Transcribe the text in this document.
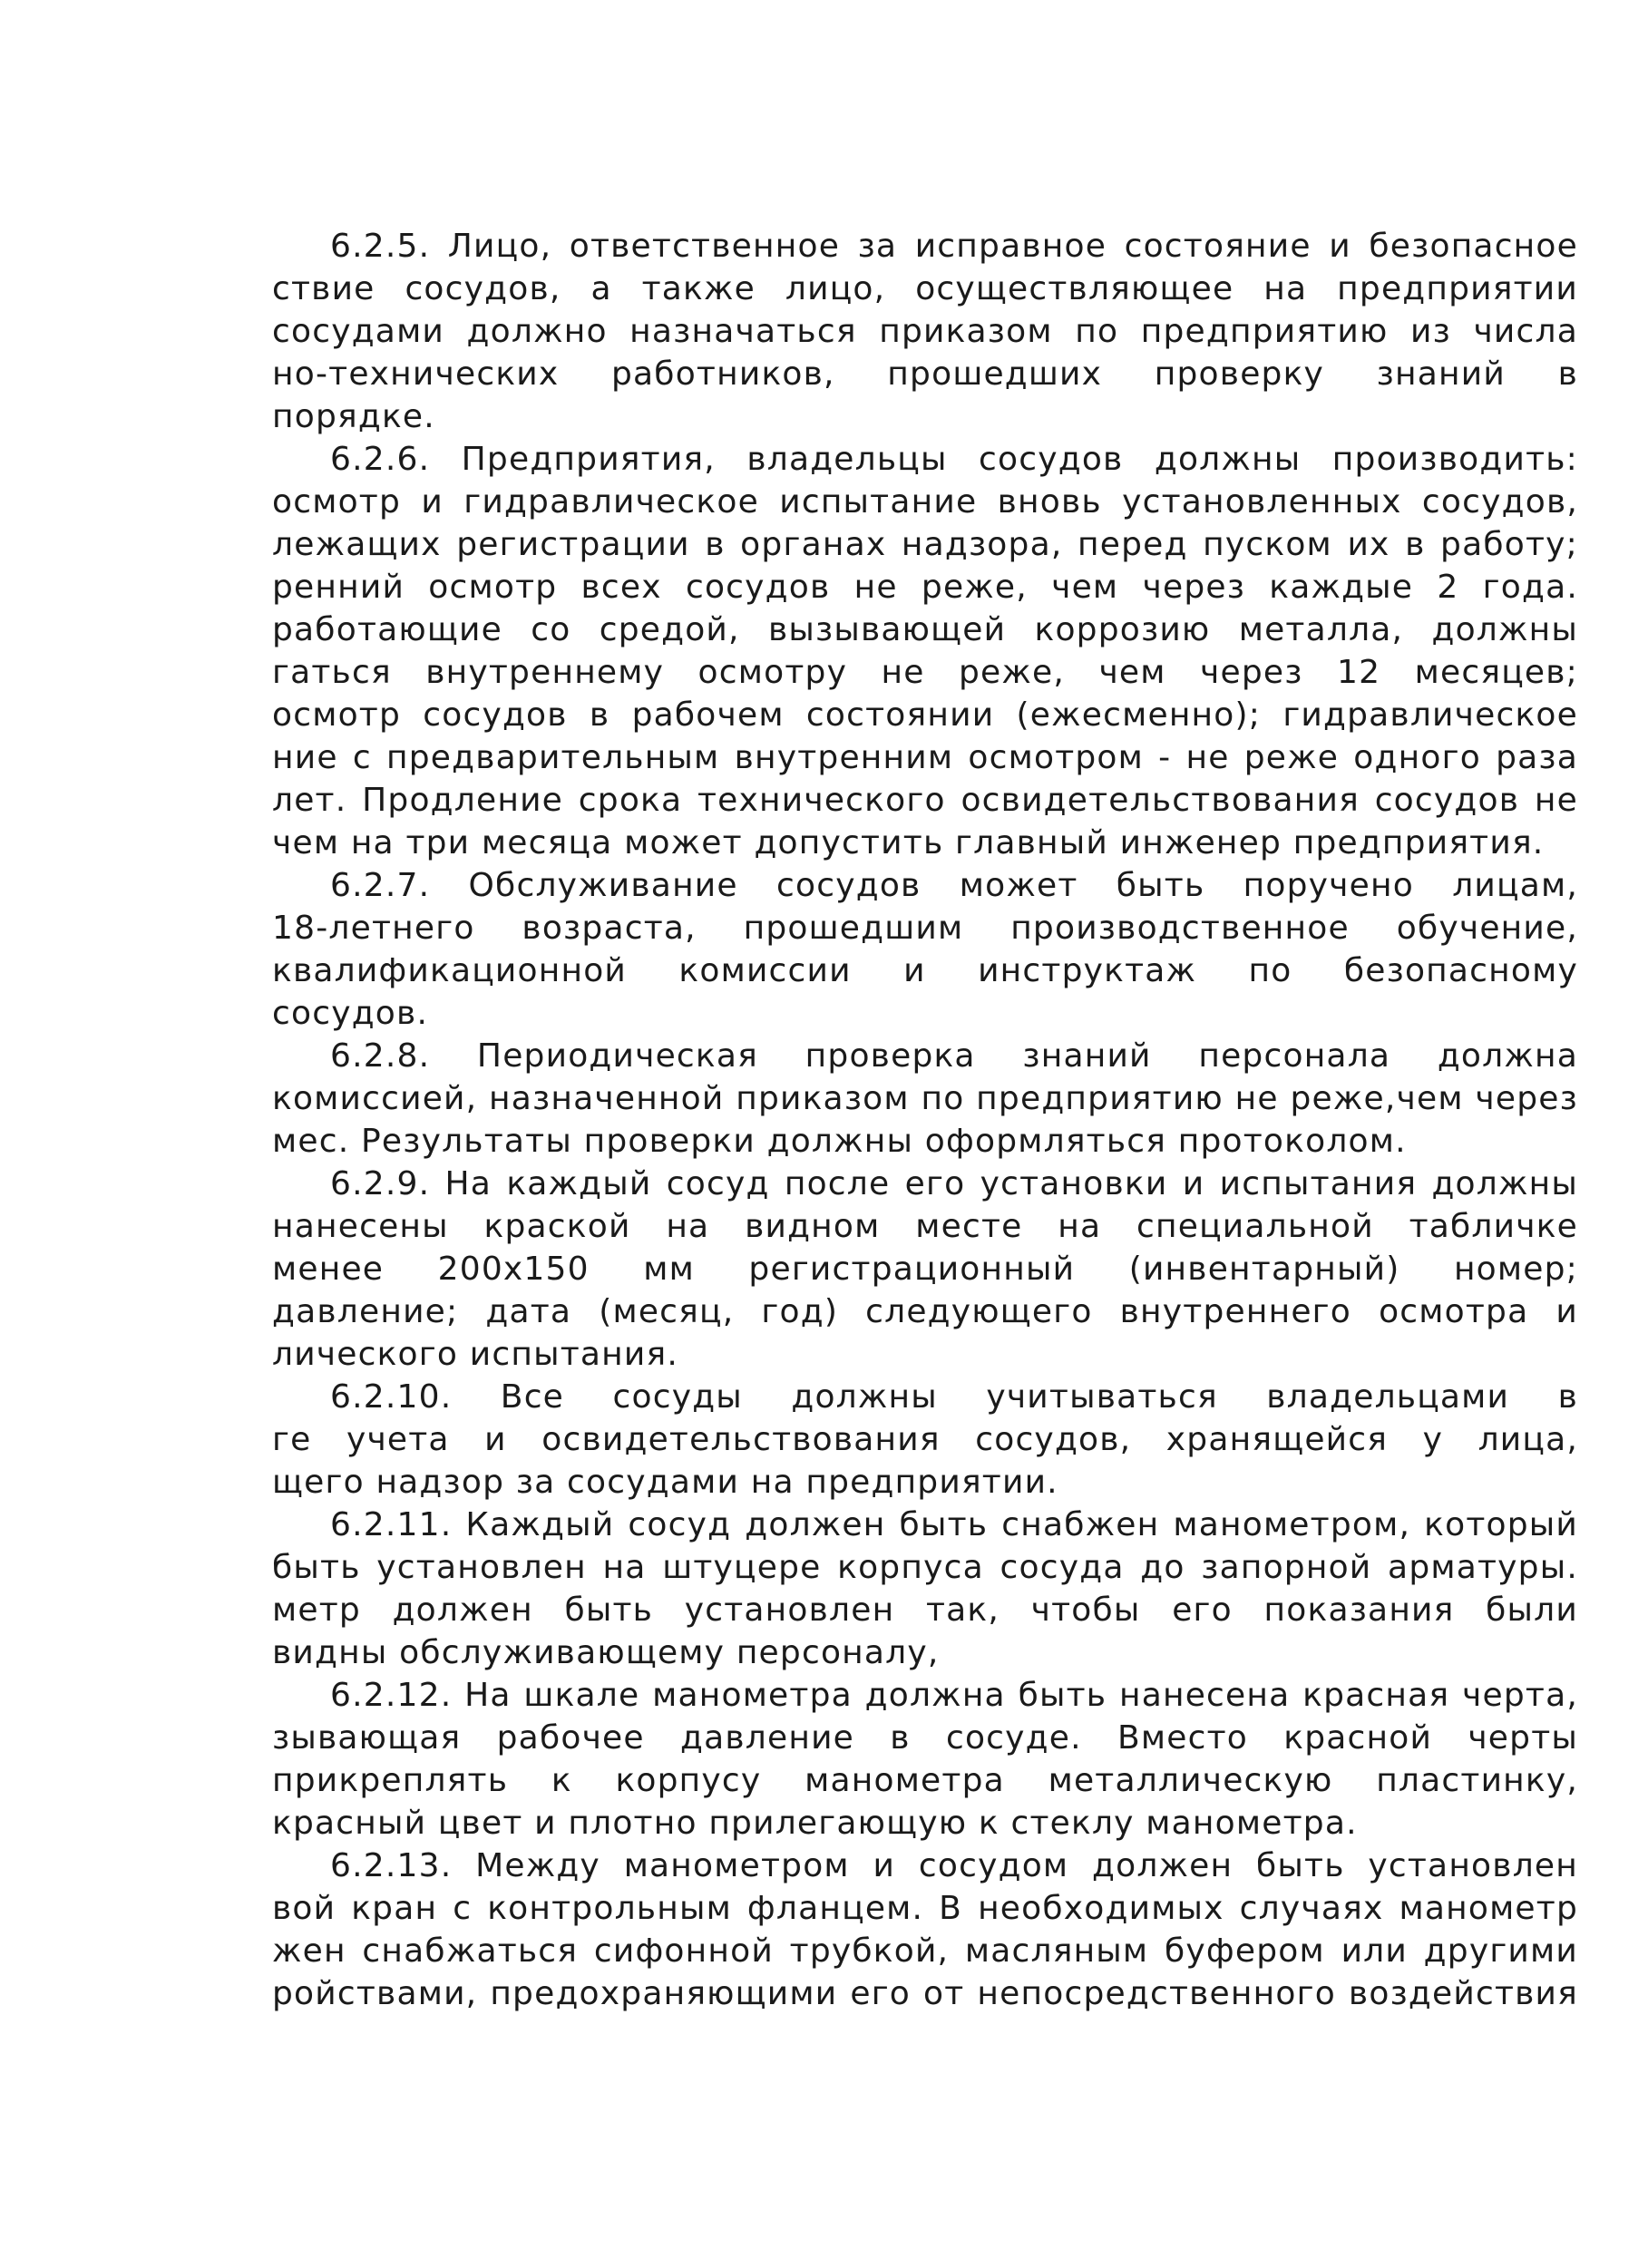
6.2.5. Лицо, ответственное за исправное состояние и безопасное
ствие сосудов, а также лицо, осуществляющее на предприятии
сосудами должно назначаться приказом по предприятию из числа
но-технических работников, прошедших проверку знаний в
порядке.
6.2.6. Предприятия, владельцы сосудов должны производить:
осмотр и гидравлическое испытание вновь установленных сосудов,
лежащих регистрации в органах надзора, перед пуском их в работу;
ренний осмотр всех сосудов не реже, чем через каждые 2 года.
работающие со средой, вызывающей коррозию металла, должны
гаться внутреннему осмотру не реже, чем через 12 месяцев;
осмотр сосудов в рабочем состоянии (ежесменно); гидравлическое
ние с предварительным внутренним осмотром - не реже одного раза
лет. Продление срока технического освидетельствования сосудов не
чем на три месяца может допустить главный инженер предприятия.
6.2.7. Обслуживание сосудов может быть поручено лицам,
18-летнего возраста, прошедшим производственное обучение,
квалификационной комиссии и инструктаж по безопасному
сосудов.
6.2.8. Периодическая проверка знаний персонала должна
комиссией, назначенной приказом по предприятию не реже,чем через
мес. Результаты проверки должны оформляться протоколом.
6.2.9. На каждый сосуд после его установки и испытания должны
нанесены краской на видном месте на специальной табличке
менее 200х150 мм регистрационный (инвентарный) номер;
давление; дата (месяц, год) следующего внутреннего осмотра и
лического испытания.
6.2.10. Все сосуды должны учитываться владельцами в
ге учета и освидетельствования сосудов, хранящейся у лица,
щего надзор за сосудами на предприятии.
6.2.11. Каждый сосуд должен быть снабжен манометром, который
быть установлен на штуцере корпуса сосуда до запорной арматуры.
метр должен быть установлен так, чтобы его показания были
видны обслуживающему персоналу,
6.2.12. На шкале манометра должна быть нанесена красная черта,
зывающая рабочее давление в сосуде. Вместо красной черты
прикреплять к корпусу манометра металлическую пластинку,
красный цвет и плотно прилегающую к стеклу манометра.
6.2.13. Между манометром и сосудом должен быть установлен
вой кран с контрольным фланцем. В необходимых случаях манометр
жен снабжаться сифонной трубкой, масляным буфером или другими
ройствами, предохраняющими его от непосредственного воздействия
